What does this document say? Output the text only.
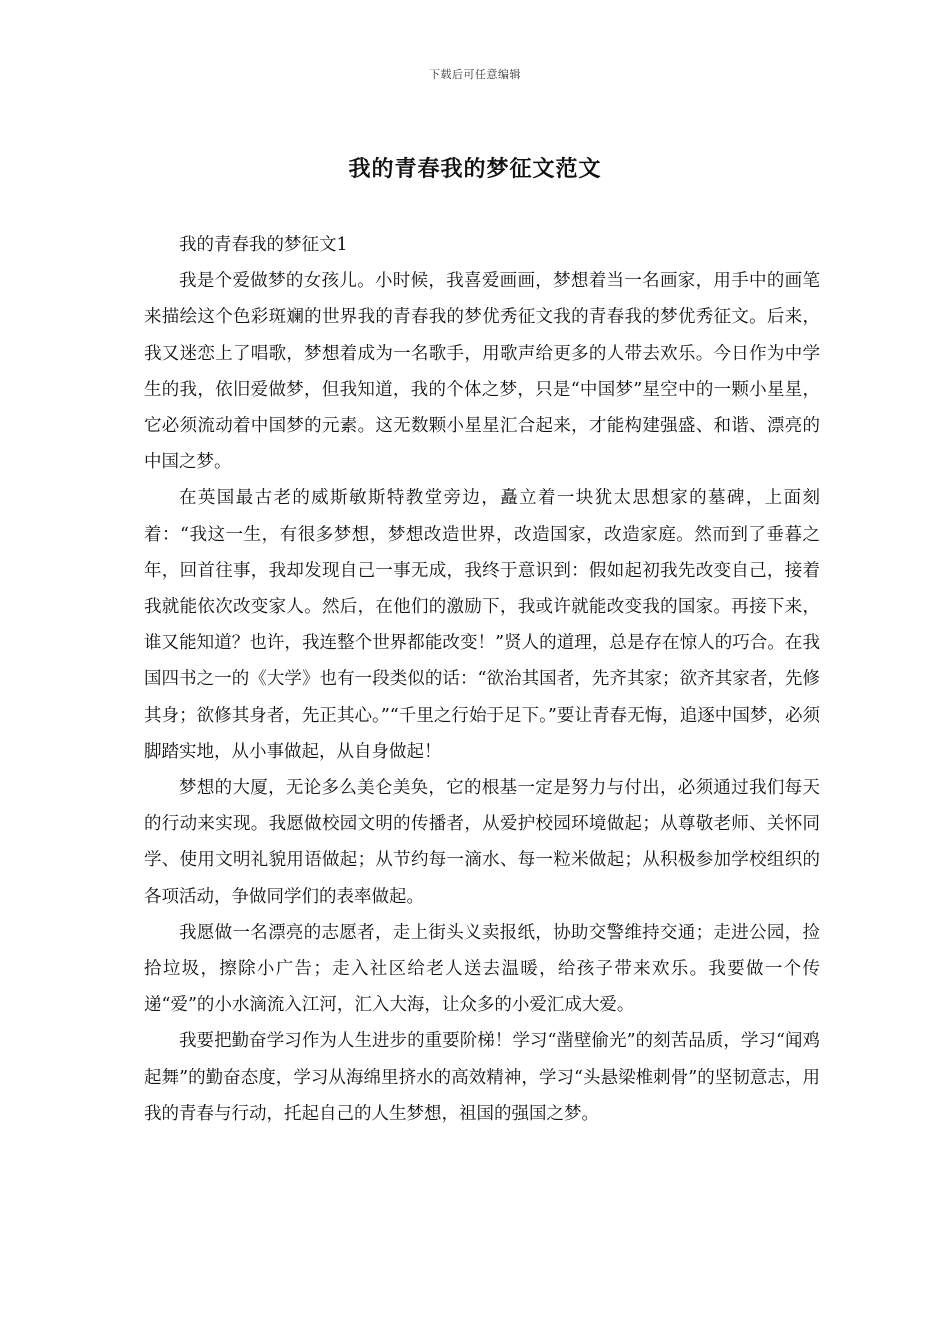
下载后可任意编辑
我的青春我的梦征文范文

我的青春我的梦征文1

我是个爱做梦的女孩儿。小时候，我喜爱画画，梦想着当一名画家，用手中的画笔来描绘这个色彩斑斓的世界我的青春我的梦优秀征文我的青春我的梦优秀征文。后来，我又迷恋上了唱歌，梦想着成为一名歌手，用歌声给更多的人带去欢乐。今日作为中学生的我，依旧爱做梦，但我知道，我的个体之梦，只是“中国梦”星空中的一颗小星星，它必须流动着中国梦的元素。这无数颗小星星汇合起来，才能构建强盛、和谐、漂亮的中国之梦。

在英国最古老的威斯敏斯特教堂旁边，矗立着一块犹太思想家的墓碑，上面刻着：“我这一生，有很多梦想，梦想改造世界，改造国家，改造家庭。然而到了垂暮之年，回首往事，我却发现自己一事无成，我终于意识到：假如起初我先改变自己，接着我就能依次改变家人。然后，在他们的激励下，我或许就能改变我的国家。再接下来，谁又能知道？也许，我连整个世界都能改变！”贤人的道理，总是存在惊人的巧合。在我国四书之一的《大学》也有一段类似的话：“欲治其国者，先齐其家；欲齐其家者，先修其身；欲修其身者，先正其心。”“千里之行始于足下。”要让青春无悔，追逐中国梦，必须脚踏实地，从小事做起，从自身做起！

梦想的大厦，无论多么美仑美奂，它的根基一定是努力与付出，必须通过我们每天的行动来实现。我愿做校园文明的传播者，从爱护校园环境做起；从尊敬老师、关怀同学、使用文明礼貌用语做起；从节约每一滴水、每一粒米做起；从积极参加学校组织的各项活动，争做同学们的表率做起。

我愿做一名漂亮的志愿者，走上街头义卖报纸，协助交警维持交通；走进公园，捡拾垃圾，擦除小广告；走入社区给老人送去温暖，给孩子带来欢乐。我要做一个传递“爱”的小水滴流入江河，汇入大海，让众多的小爱汇成大爱。

我要把勤奋学习作为人生进步的重要阶梯！学习“凿壁偷光”的刻苦品质，学习“闻鸡起舞”的勤奋态度，学习从海绵里挤水的高效精神，学习“头悬梁椎刺骨”的坚韧意志，用我的青春与行动，托起自己的人生梦想，祖国的强国之梦。
